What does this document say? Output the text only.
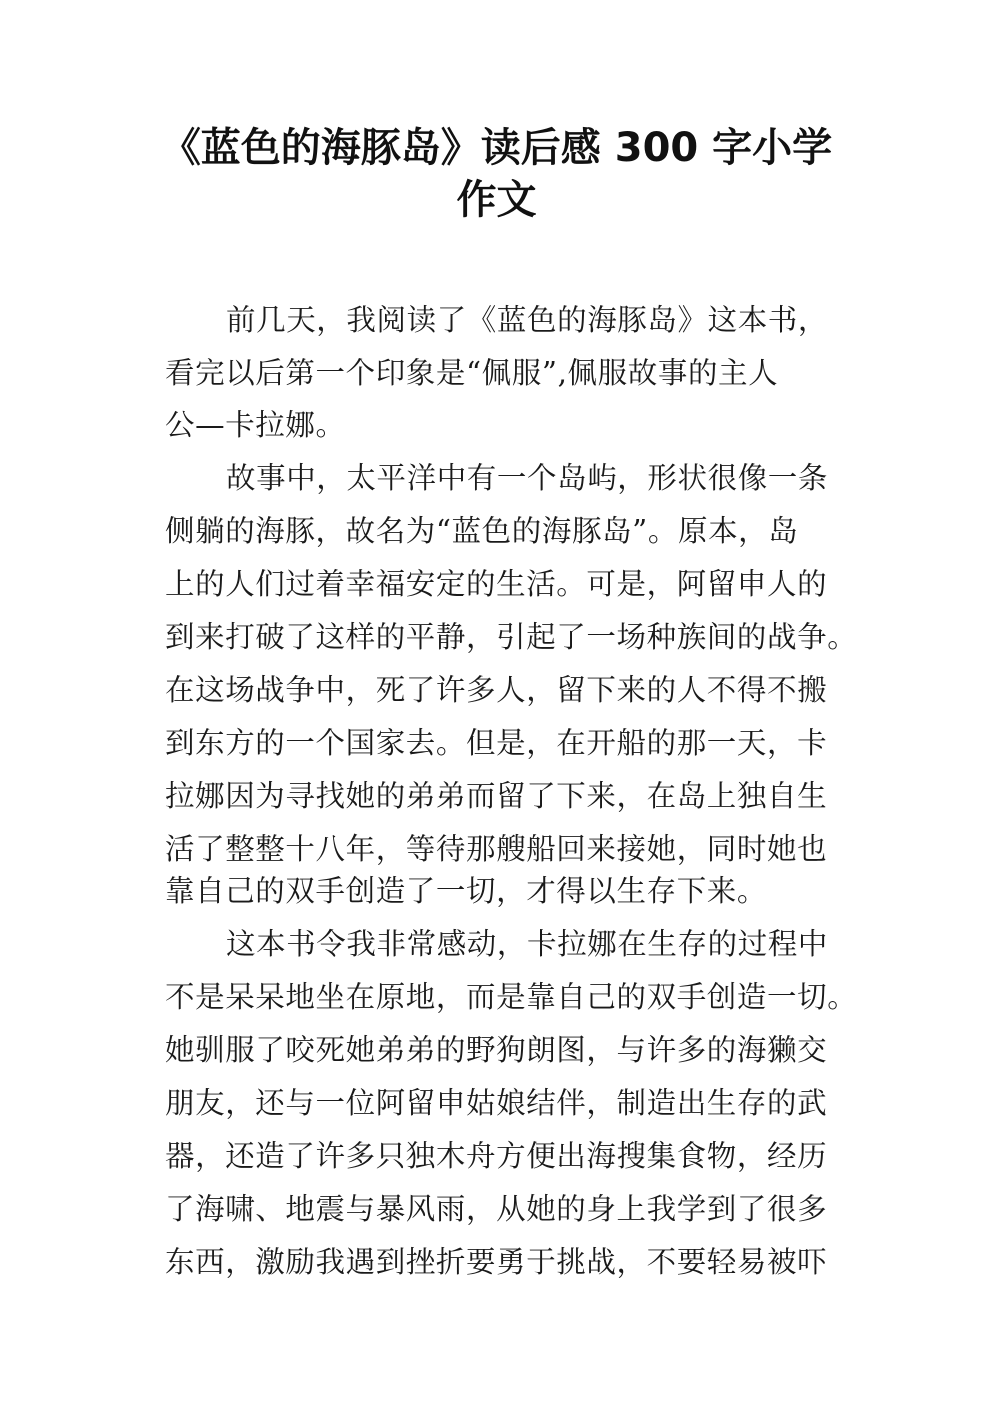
《蓝色的海豚岛》读后感 300 字小学
作文
前几天，我阅读了《蓝色的海豚岛》这本书，
看完以后第一个印象是“佩服”,佩服故事的主人
公—卡拉娜。
故事中，太平洋中有一个岛屿，形状很像一条
侧躺的海豚，故名为“蓝色的海豚岛”。原本，岛
上的人们过着幸福安定的生活。可是，阿留申人的
到来打破了这样的平静，引起了一场种族间的战争。
在这场战争中，死了许多人，留下来的人不得不搬
到东方的一个国家去。但是，在开船的那一天，卡
拉娜因为寻找她的弟弟而留了下来，在岛上独自生
活了整整十八年，等待那艘船回来接她，同时她也
靠自己的双手创造了一切，才得以生存下来。
这本书令我非常感动，卡拉娜在生存的过程中
不是呆呆地坐在原地，而是靠自己的双手创造一切。
她驯服了咬死她弟弟的野狗朗图，与许多的海獭交
朋友，还与一位阿留申姑娘结伴，制造出生存的武
器，还造了许多只独木舟方便出海搜集食物，经历
了海啸、地震与暴风雨，从她的身上我学到了很多
东西，激励我遇到挫折要勇于挑战，不要轻易被吓
